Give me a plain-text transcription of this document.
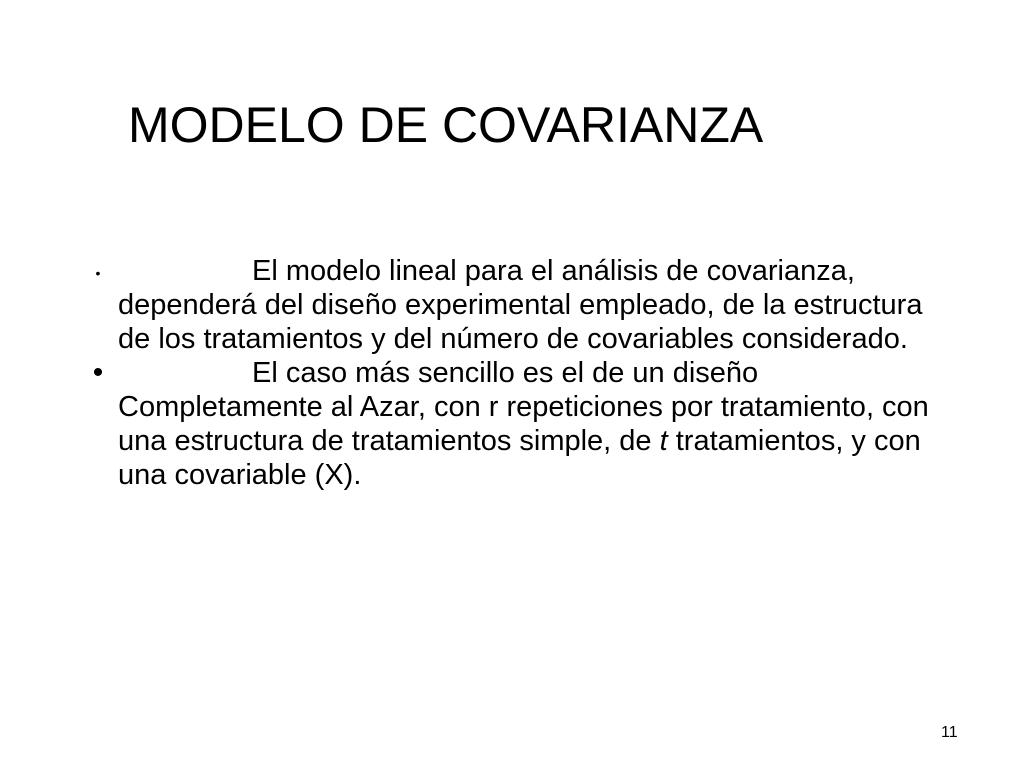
MODELO DE COVARIANZA
•	El modelo lineal para el análisis de covarianza, dependerá del diseño experimental empleado, de la estructura de los tratamientos y del número de covariables considerado.
•	El caso más sencillo es el de un diseño Completamente al Azar, con r repeticiones por tratamiento, con una estructura de tratamientos simple, de t tratamientos, y con una covariable (X).
11
